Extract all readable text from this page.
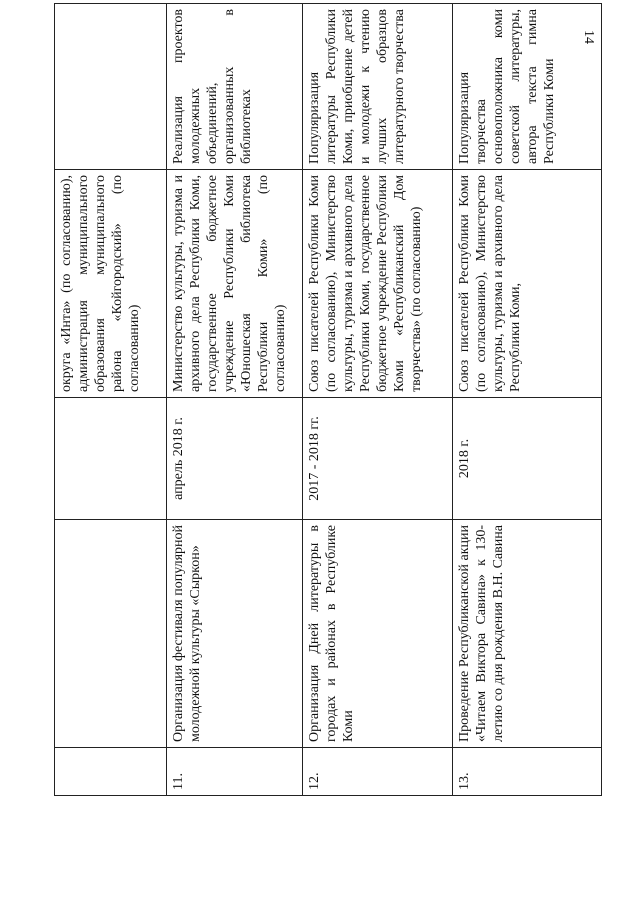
14
			округа «Инта» (по согласованию), администрация муниципального образования муниципального района «Койгородский» (по согласованию)	
11.	Организация фестиваля популярной молодежной культуры «Сыркон»	апрель 2018 г.	Министерство культуры, туризма и архивного дела Республики Коми, государственное бюджетное учреждение Республики Коми «Юношеская библиотека Республики Коми» (по согласованию)	Реализация проектов молодежных объединений, организованных в библиотеках
12.	Организация Дней литературы в городах и районах в Республике Коми	2017 - 2018 гг.	Союз писателей Республики Коми (по согласованию), Министерство культуры, туризма и архивного дела Республики Коми, государственное бюджетное учреждение Республики Коми «Республиканский Дом творчества» (по согласованию)	Популяризация литературы Республики Коми, приобщение детей и молодежи к чтению лучших образцов литературного творчества
13.	Проведение Республиканской акции «Читаем Виктора Савина» к 130-летию со дня рождения В.Н. Савина	2018 г.	Союз писателей Республики Коми (по согласованию), Министерство культуры, туризма и архивного дела Республики Коми,	Популяризация творчества основоположника коми советской литературы, автора текста гимна Республики Коми
